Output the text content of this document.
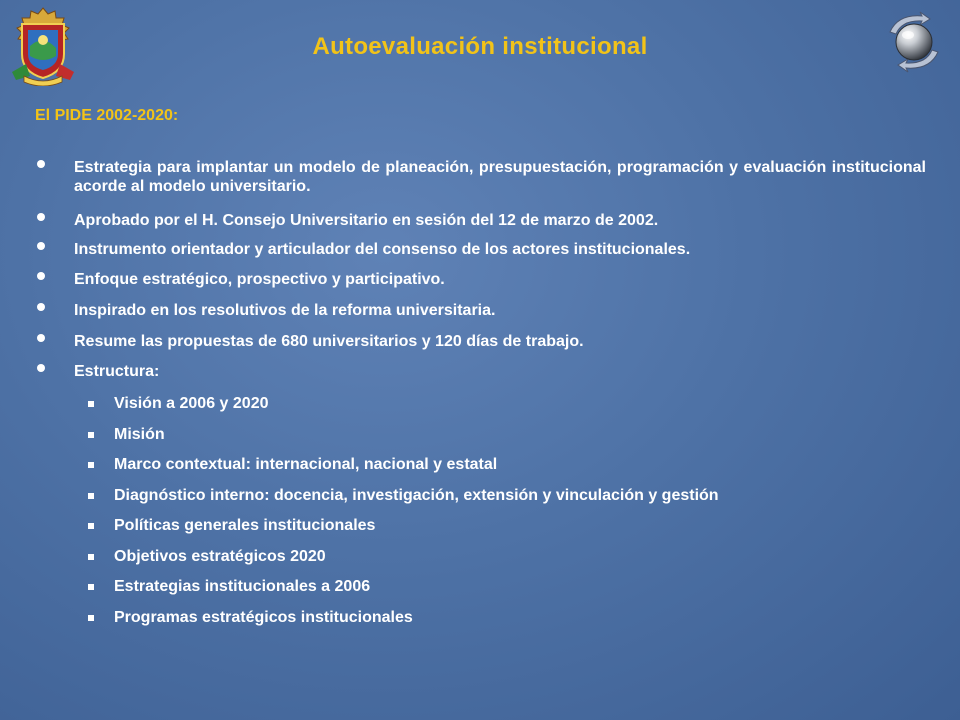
Autoevaluación institucional
El PIDE 2002-2020:
Estrategia para implantar un modelo de planeación, presupuestación, programación y evaluación institucional acorde al modelo universitario.
Aprobado por el H. Consejo Universitario en sesión del 12 de marzo de 2002.
Instrumento orientador y articulador del consenso de los actores institucionales.
Enfoque estratégico, prospectivo y participativo.
Inspirado en los resolutivos de la reforma universitaria.
Resume las propuestas de 680 universitarios y 120 días de trabajo.
Estructura:
Visión a 2006 y 2020
Misión
Marco contextual: internacional, nacional y estatal
Diagnóstico interno: docencia, investigación, extensión y vinculación y gestión
Políticas generales institucionales
Objetivos estratégicos 2020
Estrategias institucionales a 2006
Programas estratégicos institucionales
